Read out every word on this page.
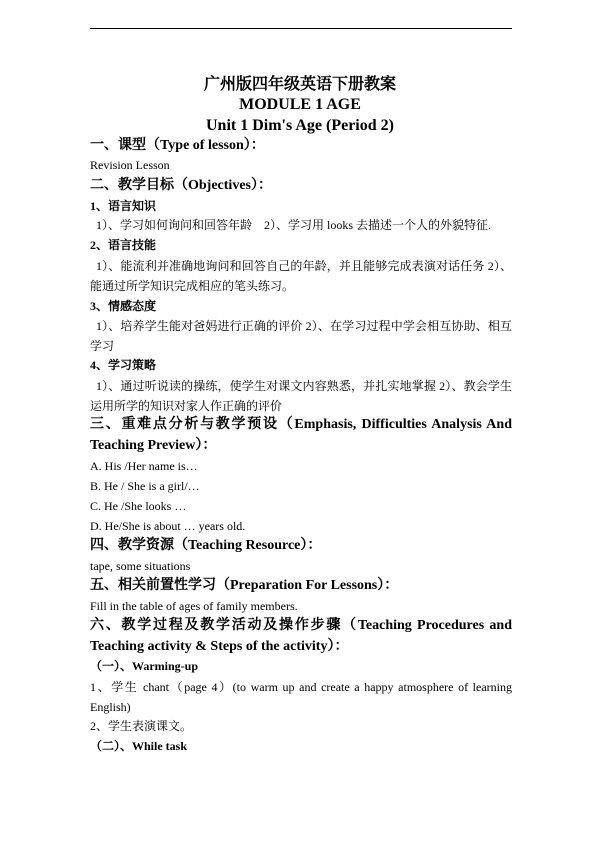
广州版四年级英语下册教案
MODULE 1 AGE
Unit 1 Dim's Age (Period 2)
一、课型（Type of lesson）：
Revision Lesson
二、教学目标（Objectives）：
1、语言知识
1）、学习如何询问和回答年龄　2）、学习用 looks 去描述一个人的外貌特征.
2、语言技能
1）、能流利并准确地询问和回答自己的年龄，并且能够完成表演对话任务 2）、能通过所学知识完成相应的笔头练习。
3、情感态度
1）、培养学生能对爸妈进行正确的评价 2）、在学习过程中学会相互协助、相互学习
4、学习策略
1）、通过听说读的操练，使学生对课文内容熟悉，并扎实地掌握 2）、教会学生运用所学的知识对家人作正确的评价
三、重难点分析与教学预设（Emphasis, Difficulties Analysis And Teaching Preview）：
A. His /Her name is…
B. He / She is a girl/…
C. He /She looks …
D. He/She is about … years old.
四、教学资源（Teaching Resource）：
tape, some situations
五、相关前置性学习（Preparation For Lessons）：
Fill in the table of ages of family members.
六、教学过程及教学活动及操作步骤（Teaching Procedures and Teaching activity & Steps of the activity）：
（一）、Warming-up
1、学生 chant（page 4）(to warm up and create a happy atmosphere of learning English)
2、学生表演课文。
（二）、While task
